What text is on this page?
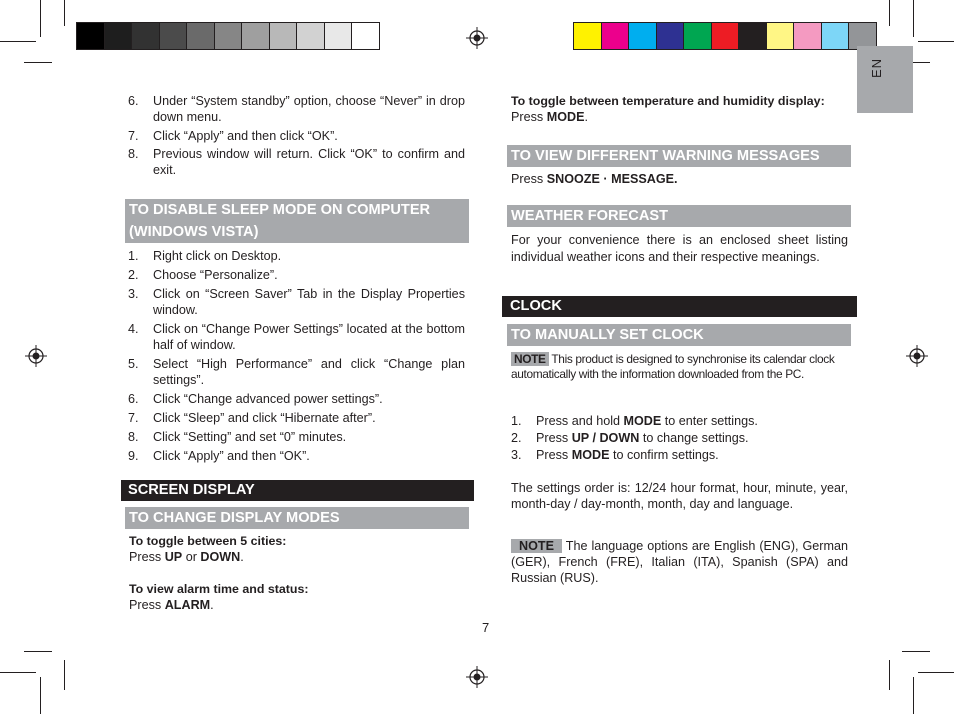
EN
6. Under “System standby” option, choose “Never” in drop down menu.
7. Click “Apply” and then click “OK”.
8. Previous window will return. Click “OK” to confirm and exit.
TO DISABLE SLEEP MODE ON COMPUTER
(WINDOWS VISTA)
1. Right click on Desktop.
2. Choose “Personalize”.
3. Click on “Screen Saver” Tab in the Display Properties window.
4. Click on “Change Power Settings” located at the bottom half of window.
5. Select “High Performance” and click “Change plan settings”.
6. Click “Change advanced power settings”.
7. Click “Sleep” and click “Hibernate after”.
8. Click “Setting” and set “0” minutes.
9. Click “Apply” and then “OK”.
SCREEN DISPLAY
TO CHANGE DISPLAY MODES
To toggle between 5 cities:
Press UP or DOWN.
To view alarm time and status:
Press ALARM.
To toggle between temperature and humidity display:
Press MODE.
TO VIEW DIFFERENT WARNING MESSAGES
Press SNOOZE · MESSAGE.
WEATHER FORECAST
For your convenience there is an enclosed sheet listing individual weather icons and their respective meanings.
CLOCK
TO MANUALLY SET CLOCK
NOTE This product is designed to synchronise its calendar clock automatically with the information downloaded from the PC.
1. Press and hold MODE to enter settings.
2. Press UP / DOWN to change settings.
3. Press MODE to confirm settings.
The settings order is: 12/24 hour format, hour, minute, year, month-day / day-month, month, day and language.
NOTE The language options are English (ENG), German (GER), French (FRE), Italian (ITA), Spanish (SPA) and Russian (RUS).
7
